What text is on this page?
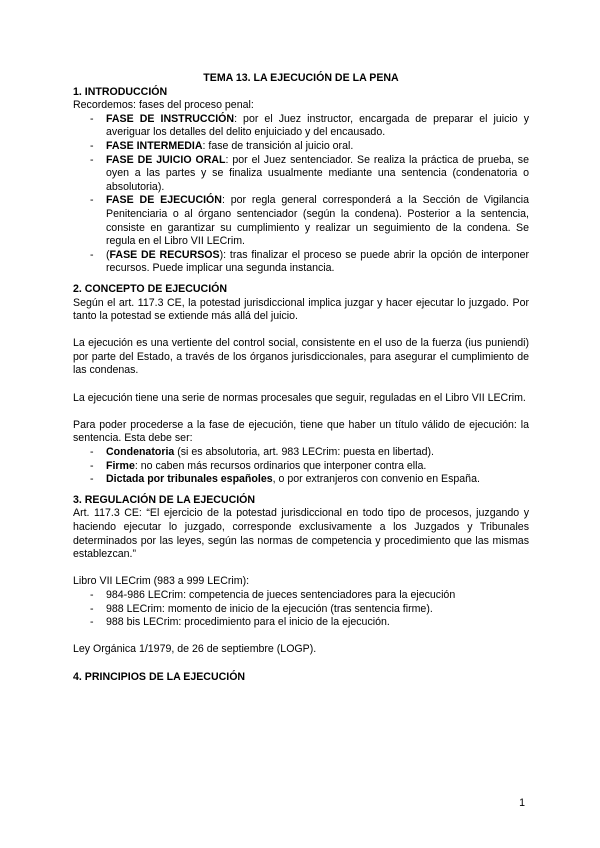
TEMA 13. LA EJECUCIÓN DE LA PENA
1. INTRODUCCIÓN

Recordemos: fases del proceso penal:

- FASE DE INSTRUCCIÓN: por el Juez instructor, encargada de preparar el juicio y averiguar los detalles del delito enjuiciado y del encausado.
- FASE INTERMEDIA: fase de transición al juicio oral.
- FASE DE JUICIO ORAL: por el Juez sentenciador. Se realiza la práctica de prueba, se oyen a las partes y se finaliza usualmente mediante una sentencia (condenatoria o absolutoria).
- FASE DE EJECUCIÓN: por regla general corresponderá a la Sección de Vigilancia Penitenciaria o al órgano sentenciador (según la condena). Posterior a la sentencia, consiste en garantizar su cumplimiento y realizar un seguimiento de la condena. Se regula en el Libro VII LECrim.
- (FASE DE RECURSOS): tras finalizar el proceso se puede abrir la opción de interponer recursos. Puede implicar una segunda instancia.
2. CONCEPTO DE EJECUCIÓN

Según el art. 117.3 CE, la potestad jurisdiccional implica juzgar y hacer ejecutar lo juzgado. Por tanto la potestad se extiende más allá del juicio.

La ejecución es una vertiente del control social, consistente en el uso de la fuerza (ius puniendi) por parte del Estado, a través de los órganos jurisdiccionales, para asegurar el cumplimiento de las condenas.

La ejecución tiene una serie de normas procesales que seguir, reguladas en el Libro VII LECrim.

Para poder procederse a la fase de ejecución, tiene que haber un título válido de ejecución: la sentencia. Esta debe ser:

- Condenatoria (si es absolutoria, art. 983 LECrim: puesta en libertad).
- Firme: no caben más recursos ordinarios que interponer contra ella.
- Dictada por tribunales españoles, o por extranjeros con convenio en España.
3. REGULACIÓN DE LA EJECUCIÓN

Art. 117.3 CE: “El ejercicio de la potestad jurisdiccional en todo tipo de procesos, juzgando y haciendo ejecutar lo juzgado, corresponde exclusivamente a los Juzgados y Tribunales determinados por las leyes, según las normas de competencia y procedimiento que las mismas establezcan.”

Libro VII LECrim (983 a 999 LECrim):

- 984-986 LECrim: competencia de jueces sentenciadores para la ejecución
- 988 LECrim: momento de inicio de la ejecución (tras sentencia firme).
- 988 bis LECrim: procedimiento para el inicio de la ejecución.

Ley Orgánica 1/1979, de 26 de septiembre (LOGP).

4. PRINCIPIOS DE LA EJECUCIÓN
1
